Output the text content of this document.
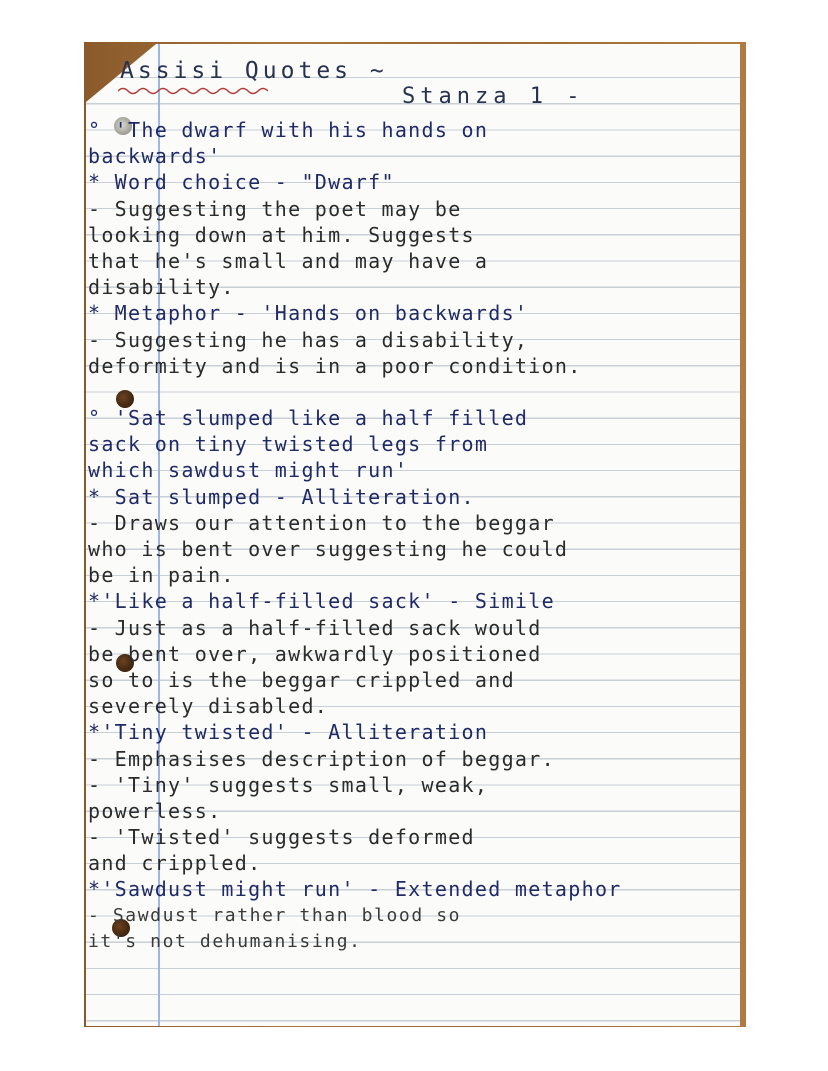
Assisi Quotes ~
Stanza 1 -
° 'The dwarf with his hands on
backwards'
* Word choice - "Dwarf"
- Suggesting the poet may be
looking down at him. Suggests
that he's small and may have a
disability.
* Metaphor - 'Hands on backwards'
- Suggesting he has a disability,
deformity and is in a poor condition.
° 'Sat slumped like a half filled
sack on tiny twisted legs from
which sawdust might run'
* Sat slumped - Alliteration.
- Draws our attention to the beggar
who is bent over suggesting he could
be in pain.
*'Like a half-filled sack' - Simile
- Just as a half-filled sack would
be bent over, awkwardly positioned
so to is the beggar crippled and
severely disabled.
*'Tiny twisted' - Alliteration
- Emphasises description of beggar.
- 'Tiny' suggests small, weak,
powerless.
- 'Twisted' suggests deformed
and crippled.
*'Sawdust might run' - Extended metaphor
- Sawdust rather than blood so
it's not dehumanising.
